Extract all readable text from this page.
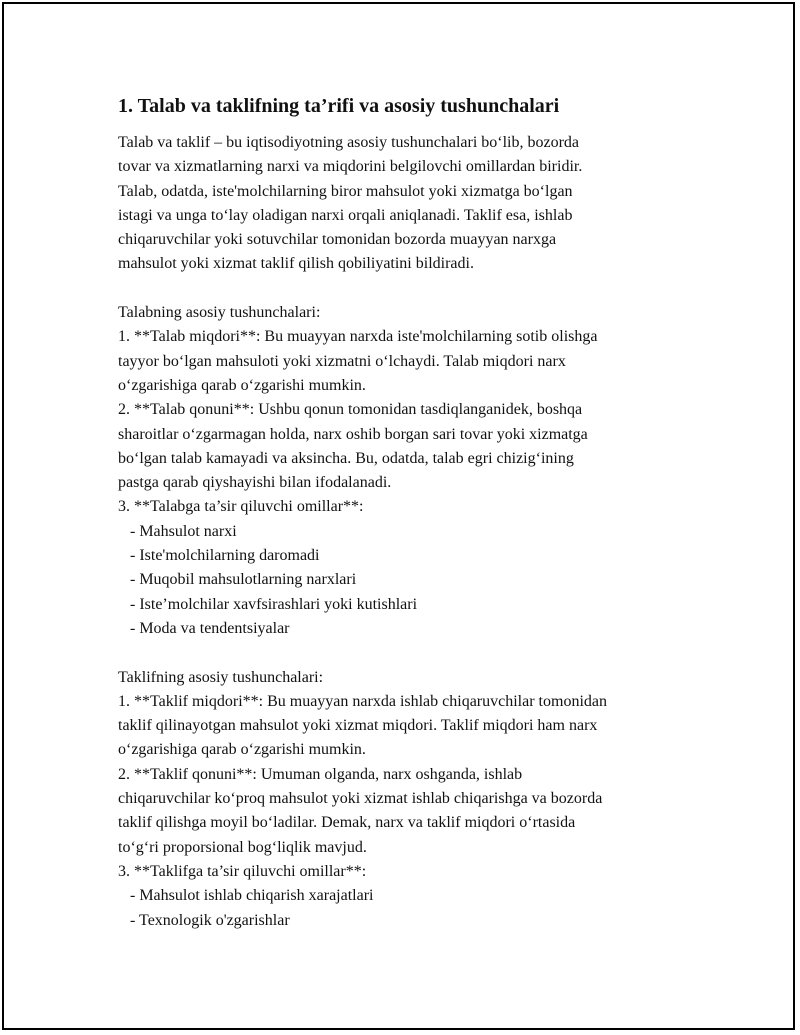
1. Talab va taklifning ta’rifi va asosiy tushunchalari
Talab va taklif – bu iqtisodiyotning asosiy tushunchalari bo‘lib, bozorda
tovar va xizmatlarning narxi va miqdorini belgilovchi omillardan biridir.
Talab, odatda, iste'molchilarning biror mahsulot yoki xizmatga bo‘lgan
istagi va unga to‘lay oladigan narxi orqali aniqlanadi. Taklif esa, ishlab
chiqaruvchilar yoki sotuvchilar tomonidan bozorda muayyan narxga
mahsulot yoki xizmat taklif qilish qobiliyatini bildiradi.
Talabning asosiy tushunchalari:
1. **Talab miqdori**: Bu muayyan narxda iste'molchilarning sotib olishga
tayyor bo‘lgan mahsuloti yoki xizmatni o‘lchaydi. Talab miqdori narx
o‘zgarishiga qarab o‘zgarishi mumkin.
2. **Talab qonuni**: Ushbu qonun tomonidan tasdiqlanganidek, boshqa
sharoitlar o‘zgarmagan holda, narx oshib borgan sari tovar yoki xizmatga
bo‘lgan talab kamayadi va aksincha. Bu, odatda, talab egri chizig‘ining
pastga qarab qiyshayishi bilan ifodalanadi.
3. **Talabga ta’sir qiluvchi omillar**:
- Mahsulot narxi
- Iste'molchilarning daromadi
- Muqobil mahsulotlarning narxlari
- Iste’molchilar xavfsirashlari yoki kutishlari
- Moda va tendentsiyalar
Taklifning asosiy tushunchalari:
1. **Taklif miqdori**: Bu muayyan narxda ishlab chiqaruvchilar tomonidan
taklif qilinayotgan mahsulot yoki xizmat miqdori. Taklif miqdori ham narx
o‘zgarishiga qarab o‘zgarishi mumkin.
2. **Taklif qonuni**: Umuman olganda, narx oshganda, ishlab
chiqaruvchilar ko‘proq mahsulot yoki xizmat ishlab chiqarishga va bozorda
taklif qilishga moyil bo‘ladilar. Demak, narx va taklif miqdori o‘rtasida
to‘g‘ri proporsional bog‘liqlik mavjud.
3. **Taklifga ta’sir qiluvchi omillar**:
- Mahsulot ishlab chiqarish xarajatlari
- Texnologik o'zgarishlar
